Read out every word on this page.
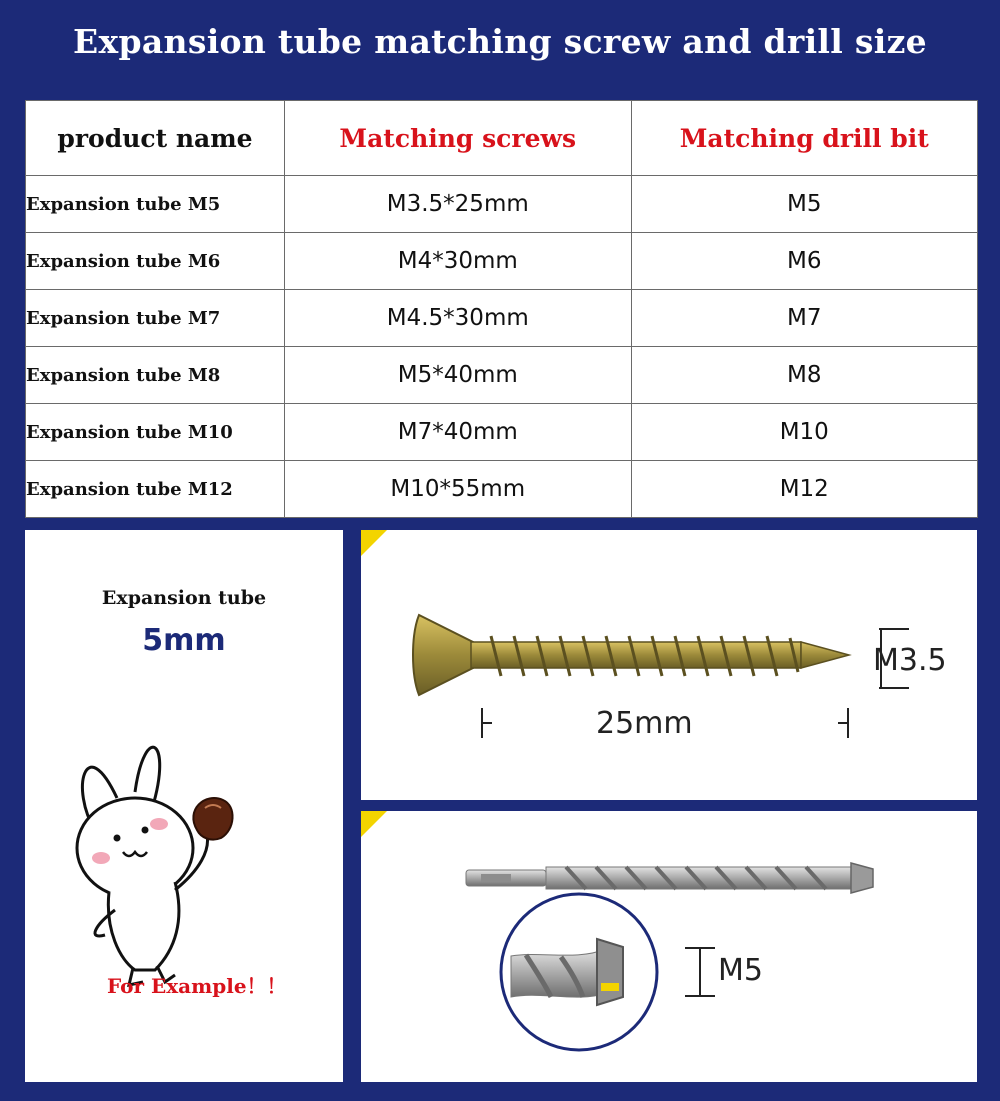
Expansion tube matching screw and drill size
product name	Matching screws	Matching drill bit
Expansion tube M5	M3.5*25mm	M5
Expansion tube M6	M4*30mm	M6
Expansion tube M7	M4.5*30mm	M7
Expansion tube M8	M5*40mm	M8
Expansion tube M10	M7*40mm	M10
Expansion tube M12	M10*55mm	M12
Expansion tube
5mm
For Example！！
25mm
M3.5
M5
